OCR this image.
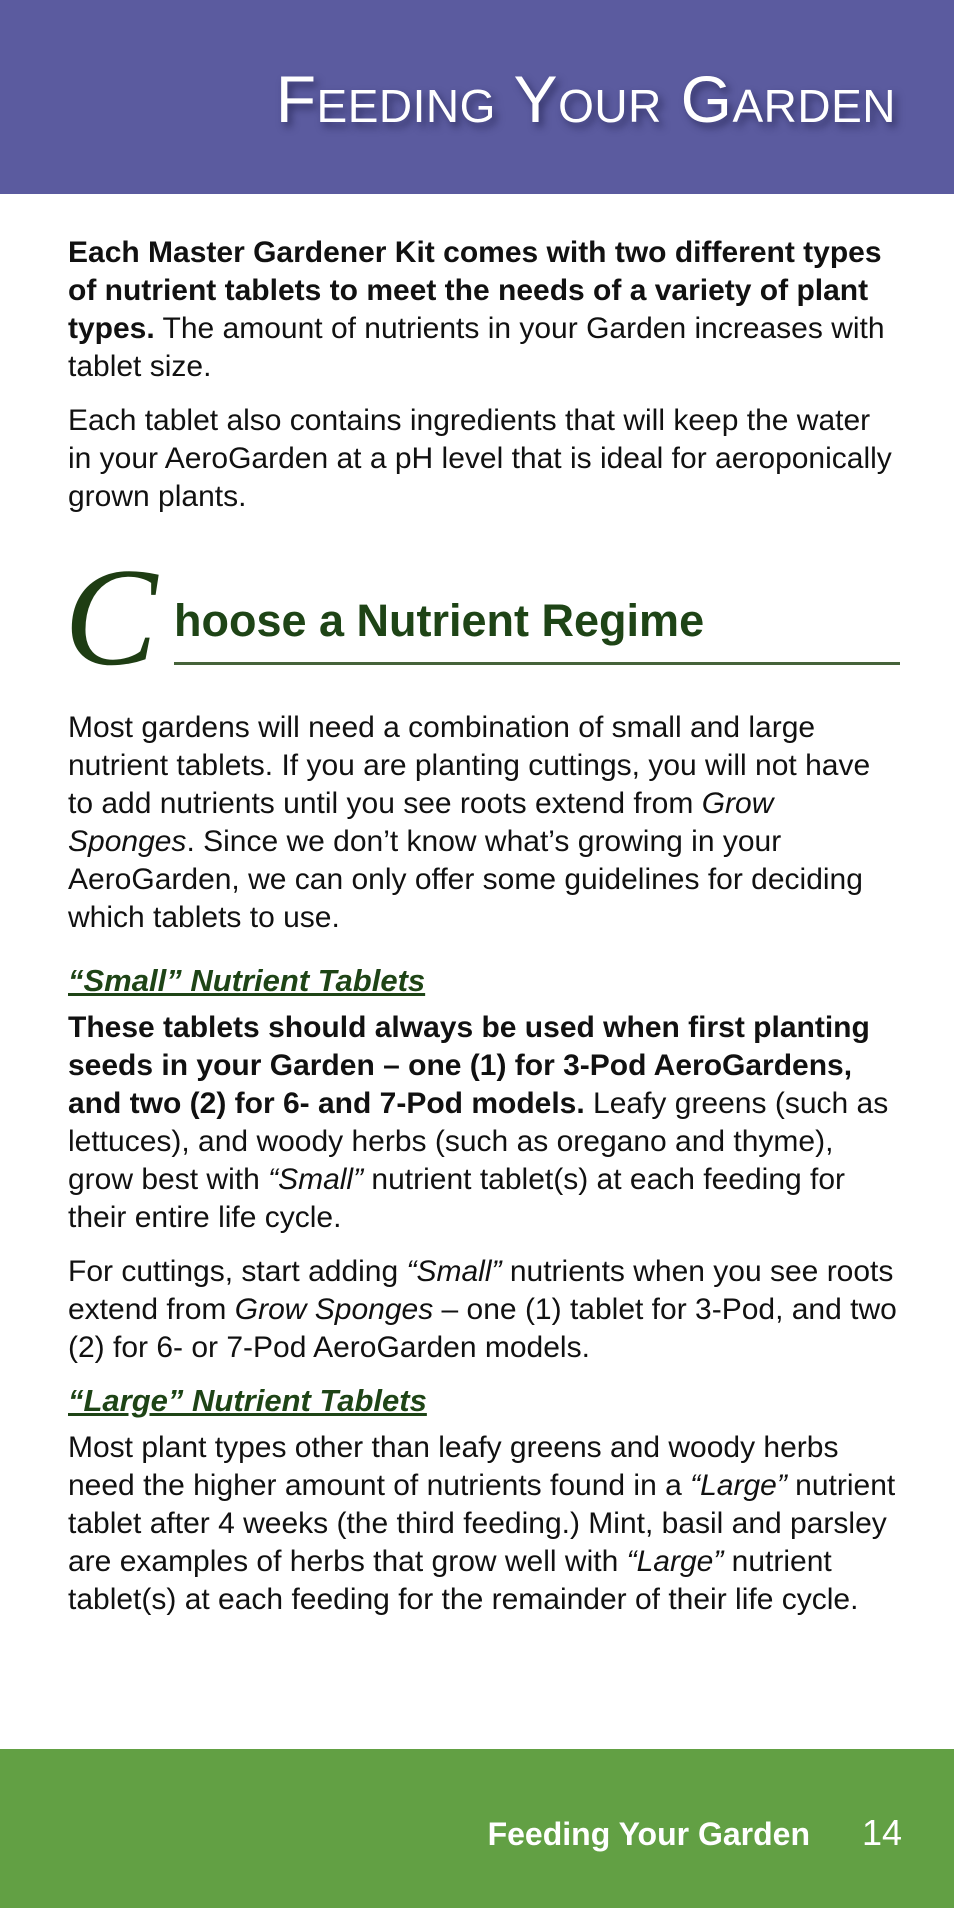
Feeding Your Garden

Each Master Gardener Kit comes with two different types of nutrient tablets to meet the needs of a variety of plant types. The amount of nutrients in your Garden increases with tablet size.

Each tablet also contains ingredients that will keep the water in your AeroGarden at a pH level that is ideal for aeroponically grown plants.

C hoose a Nutrient Regime

Most gardens will need a combination of small and large nutrient tablets. If you are planting cuttings, you will not have to add nutrients until you see roots extend from Grow Sponges. Since we don’t know what’s growing in your AeroGarden, we can only offer some guidelines for deciding which tablets to use.

“Small” Nutrient Tablets

These tablets should always be used when first planting seeds in your Garden – one (1) for 3-Pod AeroGardens, and two (2) for 6- and 7-Pod models. Leafy greens (such as lettuces), and woody herbs (such as oregano and thyme), grow best with “Small” nutrient tablet(s) at each feeding for their entire life cycle.

For cuttings, start adding “Small” nutrients when you see roots extend from Grow Sponges – one (1) tablet for 3-Pod, and two (2) for 6- or 7-Pod AeroGarden models.

“Large” Nutrient Tablets

Most plant types other than leafy greens and woody herbs need the higher amount of nutrients found in a “Large” nutrient tablet after 4 weeks (the third feeding.) Mint, basil and parsley are examples of herbs that grow well with “Large” nutrient tablet(s) at each feeding for the remainder of their life cycle.

Feeding Your Garden 14
